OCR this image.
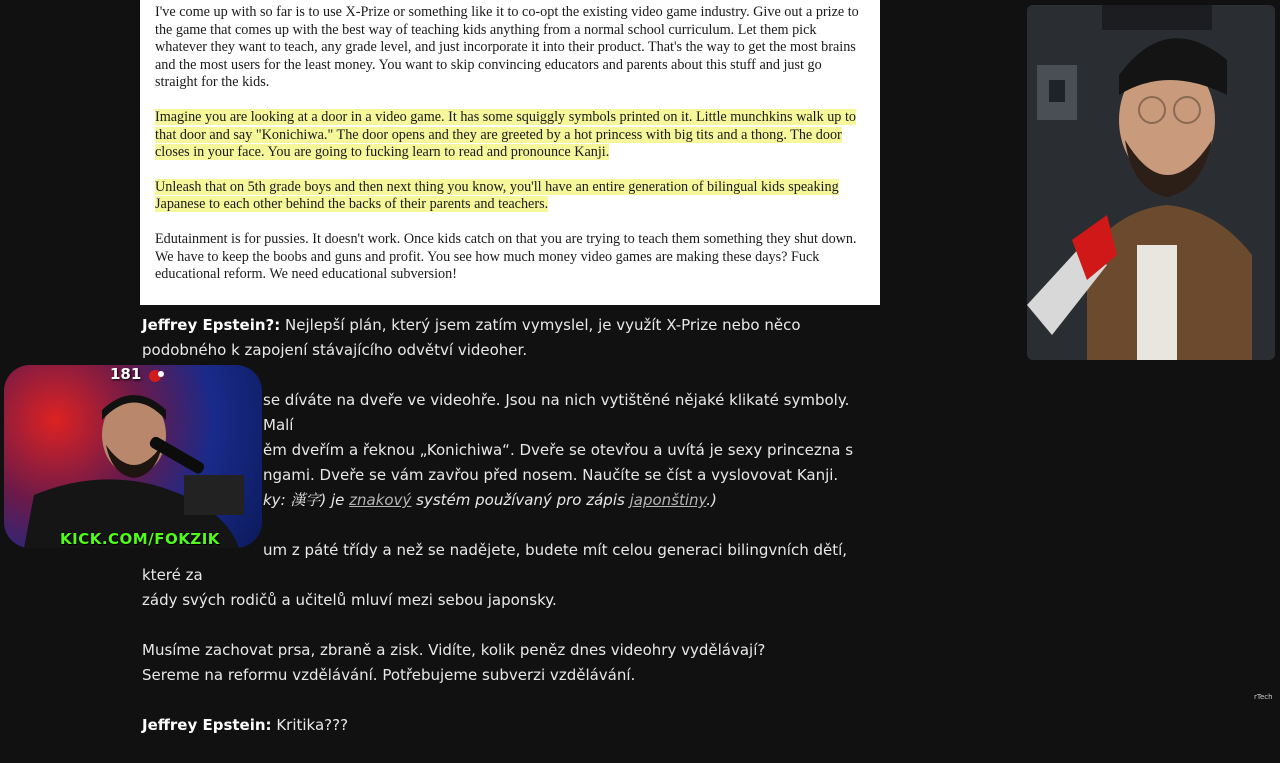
I've come up with so far is to use X-Prize or something like it to co-opt the existing video game industry. Give out a prize to the game that comes up with the best way of teaching kids anything from a normal school curriculum. Let them pick whatever they want to teach, any grade level, and just incorporate it into their product. That's the way to get the most brains and the most users for the least money. You want to skip convincing educators and parents about this stuff and just go straight for the kids.

Imagine you are looking at a door in a video game. It has some squiggly symbols printed on it. Little munchkins walk up to that door and say "Konichiwa." The door opens and they are greeted by a hot princess with big tits and a thong. The door closes in your face. You are going to fucking learn to read and pronounce Kanji.

Unleash that on 5th grade boys and then next thing you know, you'll have an entire generation of bilingual kids speaking Japanese to each other behind the backs of their parents and teachers.

Edutainment is for pussies. It doesn't work. Once kids catch on that you are trying to teach them something they shut down. We have to keep the boobs and guns and profit. You see how much money video games are making these days? Fuck educational reform. We need educational subversion!

Jeffrey Epstein?: Nejlepší plán, který jsem zatím vymyslel, je využít X-Prize nebo něco podobného k zapojení stávajícího odvětví videoher.

se díváte na dveře ve videohře. Jsou na nich vytištěné nějaké klikaté symboly. Malí
ěm dveřím a řeknou „Konichiwa“. Dveře se otevřou a uvítá je sexy princezna s
ngami. Dveře se vám zavřou před nosem. Naučíte se číst a vyslovovat Kanji.
ky: 漢字) je znakový systém používaný pro zápis japonštiny.)

um z páté třídy a než se nadějete, budete mít celou generaci bilingvních dětí, které za
zády svých rodičů a učitelů mluví mezi sebou japonsky.

Musíme zachovat prsa, zbraně a zisk. Vidíte, kolik peněz dnes videohry vydělávají?
Sereme na reformu vzdělávání. Potřebujeme subverzi vzdělávání.

Jeffrey Epstein: Kritika???

181
KICK.COM/FOKZIK
rTech
